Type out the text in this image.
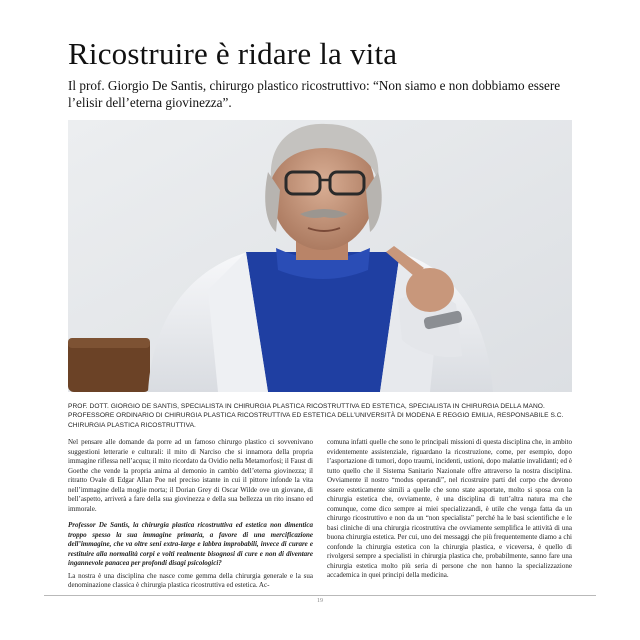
Ricostruire è ridare la vita
Il prof. Giorgio De Santis, chirurgo plastico ricostruttivo: “Non siamo e non dobbiamo essere l’elisir dell’eterna giovinezza”.
PROF. DOTT. GIORGIO DE SANTIS, SPECIALISTA IN CHIRURGIA PLASTICA RICOSTRUTTIVA ED ESTETICA, SPECIALISTA IN CHIRURGIA DELLA MANO. PROFESSORE ORDINARIO DI CHIRURGIA PLASTICA RICOSTRUTTIVA ED ESTETICA DELL’UNIVERSITÀ DI MODENA E REGGIO EMILIA, RESPONSABILE S.C. CHIRURGIA PLASTICA RICOSTRUTTIVA.

Nel pensare alle domande da porre ad un famoso chirurgo plastico ci sovvenivano suggestioni letterarie e culturali: il mito di Narciso che si innamora della propria immagine riflessa nell’acqua; il mito ricordato da Ovidio nella Metamorfosi; il Faust di Goethe che vende la propria anima al demonio in cambio dell’eterna giovinezza; il ritratto Ovale di Edgar Allan Poe nel preciso istante in cui il pittore infonde la vita nell’immagine della moglie morta; il Dorian Grey di Oscar Wilde ove un giovane, di bell’aspetto, arriverà a fare della sua giovinezza e della sua bellezza un rito insano ed immorale.

Professor De Santis, la chirurgia plastica ricostruttiva ed estetica non dimentica troppo spesso la sua immagine primaria, a favore di una mercificazione dell’immagine, che va oltre seni extra-large e labbra improbabili, invece di curare e restituire alla normalità corpi e volti realmente bisognosi di cure e non di diventare ingannevole panacea per profondi disagi psicologici?

La nostra è una disciplina che nasce come gemma della chirurgia generale e la sua denominazione classica è chirurgia plastica ricostruttiva ed estetica. Ac-

comuna infatti quelle che sono le principali missioni di questa disciplina che, in ambito evidentemente assistenziale, riguardano la ricostruzione, come, per esempio, dopo l’asportazione di tumori, dopo traumi, incidenti, ustioni, dopo malattie invalidanti; ed è tutto quello che il Sistema Sanitario Nazionale offre attraverso la nostra disciplina. Ovviamente il nostro “modus operandi”, nel ricostruire parti del corpo che devono essere esteticamente simili a quelle che sono state asportate, molto si sposa con la chirurgia estetica che, ovviamente, è una disciplina di tutt’altra natura ma che comunque, come dico sempre ai miei specializzandi, è utile che venga fatta da un chirurgo ricostruttivo e non da un “non specialista” perché ha le basi scientifiche e le basi cliniche di una chirurgia ricostruttiva che ovviamente semplifica le attività di una buona chirurgia estetica. Per cui, uno dei messaggi che più frequentemente diamo a chi confonde la chirurgia estetica con la chirurgia plastica, e viceversa, è quello di rivolgersi sempre a specialisti in chirurgia plastica che, probabilmente, sanno fare una chirurgia estetica molto più seria di persone che non hanno la specializzazione accademica in quei principi della medicina.

19
